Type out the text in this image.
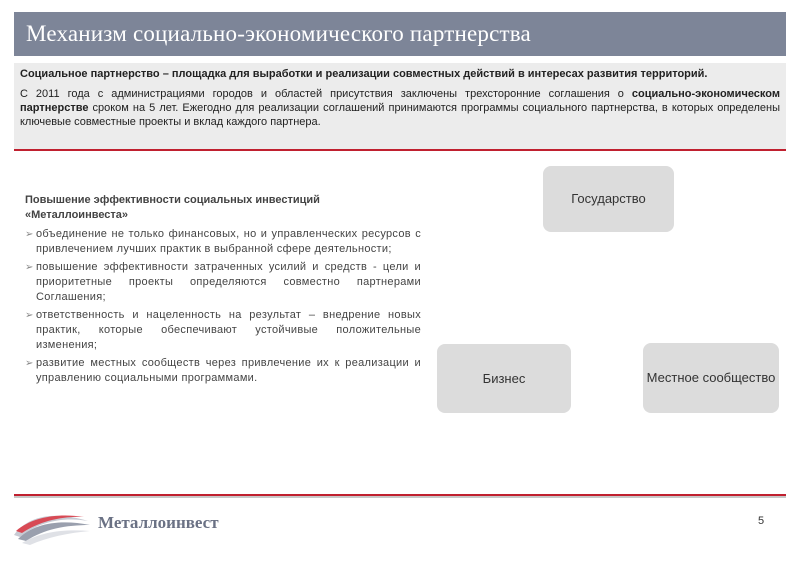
Механизм социально-экономического партнерства

Социальное партнерство – площадка для выработки и реализации совместных действий в интересах развития территорий.

С 2011 года с администрациями городов и областей присутствия заключены трехсторонние соглашения о социально-экономическом партнерстве сроком на 5 лет. Ежегодно для реализации соглашений принимаются программы социального партнерства, в которых определены ключевые совместные проекты и вклад каждого партнера.

Повышение эффективности социальных инвестиций «Металлоинвеста»

➢ объединение не только финансовых, но и управленческих ресурсов с привлечением лучших практик в выбранной сфере деятельности;
➢ повышение эффективности затраченных усилий и средств - цели и приоритетные проекты определяются совместно партнерами Соглашения;
➢ ответственность и нацеленность на результат – внедрение новых практик, которые обеспечивают устойчивые положительные изменения;
➢ развитие местных сообществ через привлечение их к реализации и управлению социальными программами.
Государство
Бизнес	Местное сообщество
Металлоинвест	5
